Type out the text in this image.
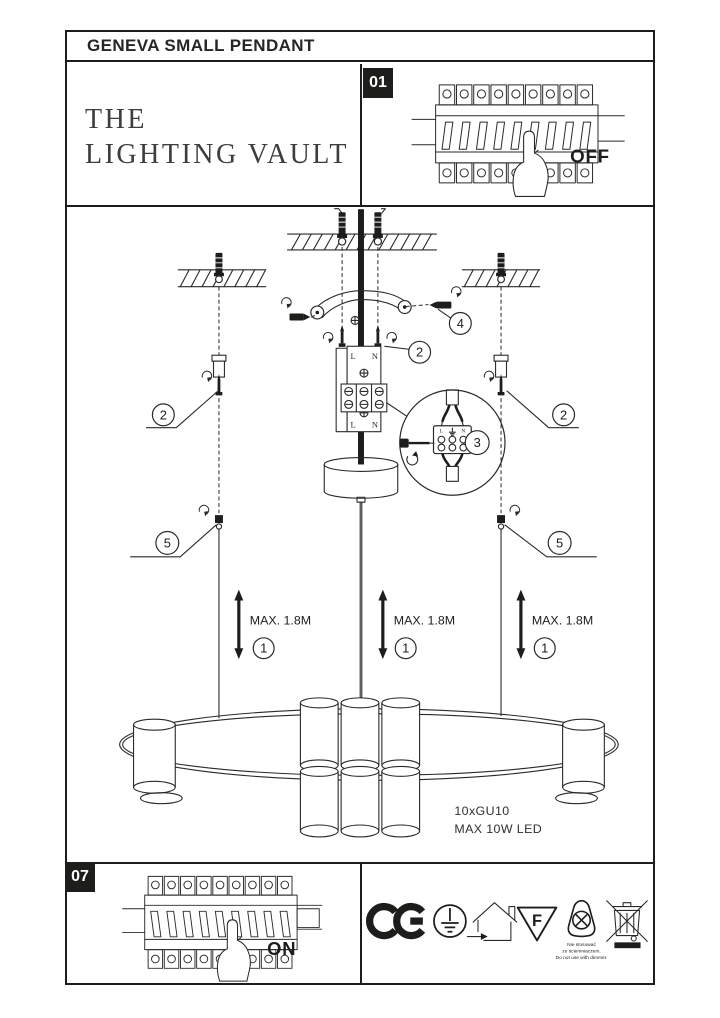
GENEVA SMALL PENDANT
THE
LIGHTING VAULT	OFF
01
07
4
2
L N
L N
L	N
3
2
5
2
5
MAX. 1.8M
1
MAX. 1.8M
1
MAX. 1.8M
1
10xGU10
MAX 10W LED
ON
F
Nie stosować
ze ściemniaczem.
Do not use with dimmer.
